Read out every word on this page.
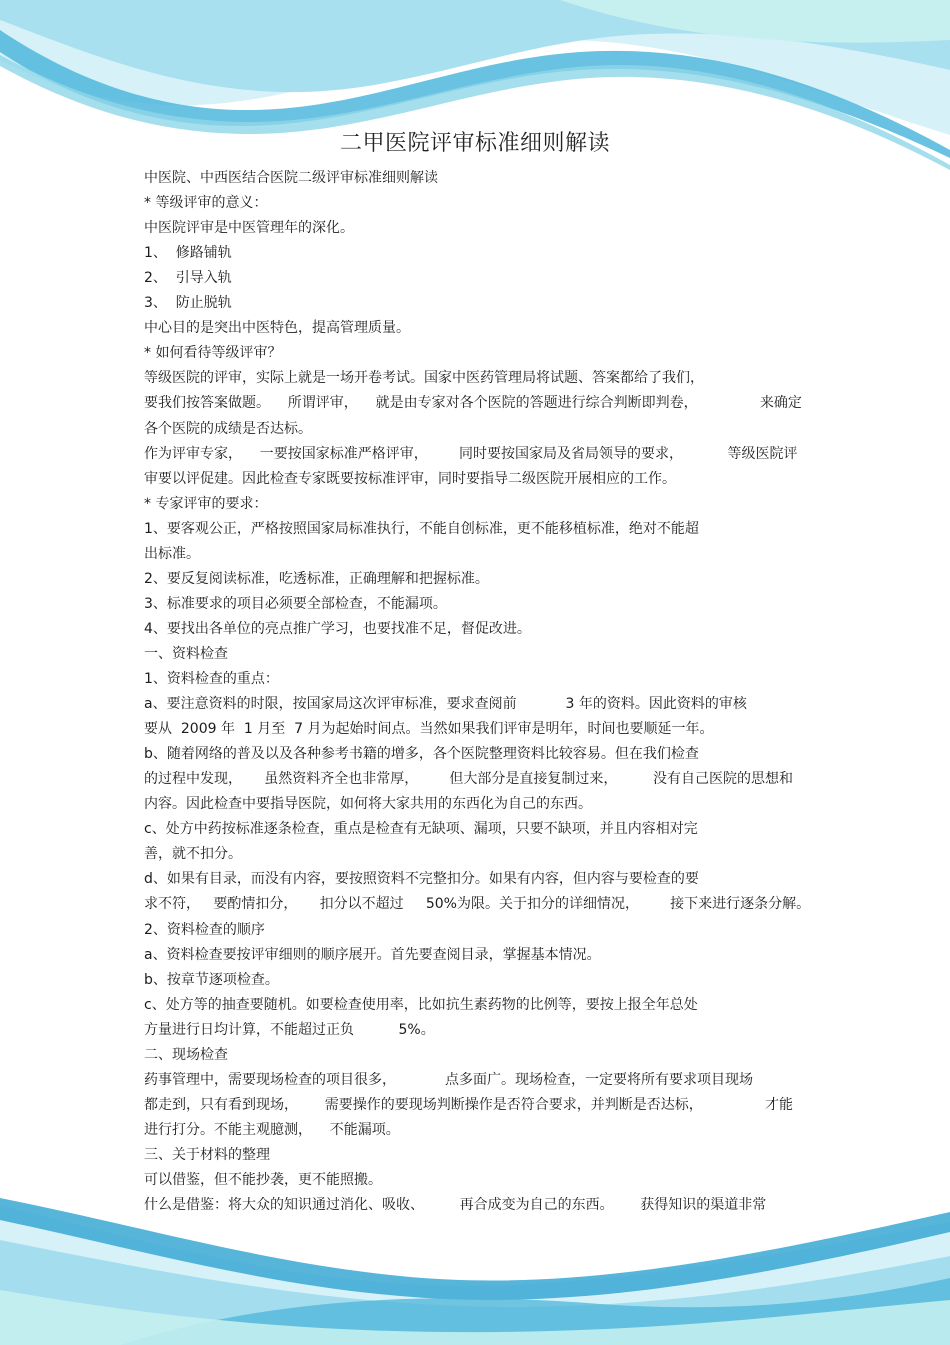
二甲医院评审标准细则解读
中医院、中西医结合医院二级评审标准细则解读
* 等级评审的意义：
中医院评审是中医管理年的深化。
1、  修路铺轨
2、  引导入轨
3、  防止脱轨
中心目的是突出中医特色，提高管理质量。
* 如何看待等级评审？
等级医院的评审，实际上就是一场开卷考试。国家中医药管理局将试题、答案都给了我们，
要我们按答案做题。    所谓评审，    就是由专家对各个医院的答题进行综合判断即判卷，              来确定
各个医院的成绩是否达标。
作为评审专家，    一要按国家标准严格评审，       同时要按国家局及省局领导的要求，          等级医院评
审要以评促建。因此检查专家既要按标准评审，同时要指导二级医院开展相应的工作。
* 专家评审的要求：
1、要客观公正，严格按照国家局标准执行，不能自创标准，更不能移植标准，绝对不能超
出标准。
2、要反复阅读标准，吃透标准，正确理解和把握标准。
3、标准要求的项目必须要全部检查，不能漏项。
4、要找出各单位的亮点推广学习，也要找准不足，督促改进。
一、资料检查
1、资料检查的重点：
a、要注意资料的时限，按国家局这次评审标准，要求查阅前           3 年的资料。因此资料的审核
要从  2009 年  1 月至  7 月为起始时间点。当然如果我们评审是明年，时间也要顺延一年。
b、随着网络的普及以及各种参考书籍的增多，各个医院整理资料比较容易。但在我们检查
的过程中发现，     虽然资料齐全也非常厚，       但大部分是直接复制过来，        没有自己医院的思想和
内容。因此检查中要指导医院，如何将大家共用的东西化为自己的东西。
c、处方中药按标准逐条检查，重点是检查有无缺项、漏项，只要不缺项，并且内容相对完
善，就不扣分。
d、如果有目录，而没有内容，要按照资料不完整扣分。如果有内容，但内容与要检查的要
求不符，   要酌情扣分，     扣分以不超过     50%为限。关于扣分的详细情况，       接下来进行逐条分解。
2、资料检查的顺序
a、资料检查要按评审细则的顺序展开。首先要查阅目录，掌握基本情况。
b、按章节逐项检查。
c、处方等的抽查要随机。如要检查使用率，比如抗生素药物的比例等，要按上报全年总处
方量进行日均计算，不能超过正负          5%。
二、现场检查
药事管理中，需要现场检查的项目很多，           点多面广。现场检查，一定要将所有要求项目现场
都走到，只有看到现场，      需要操作的要现场判断操作是否符合要求，并判断是否达标，              才能
进行打分。不能主观臆测，    不能漏项。
三、关于材料的整理
可以借鉴，但不能抄袭，更不能照搬。
什么是借鉴：将大众的知识通过消化、吸收、        再合成变为自己的东西。      获得知识的渠道非常
